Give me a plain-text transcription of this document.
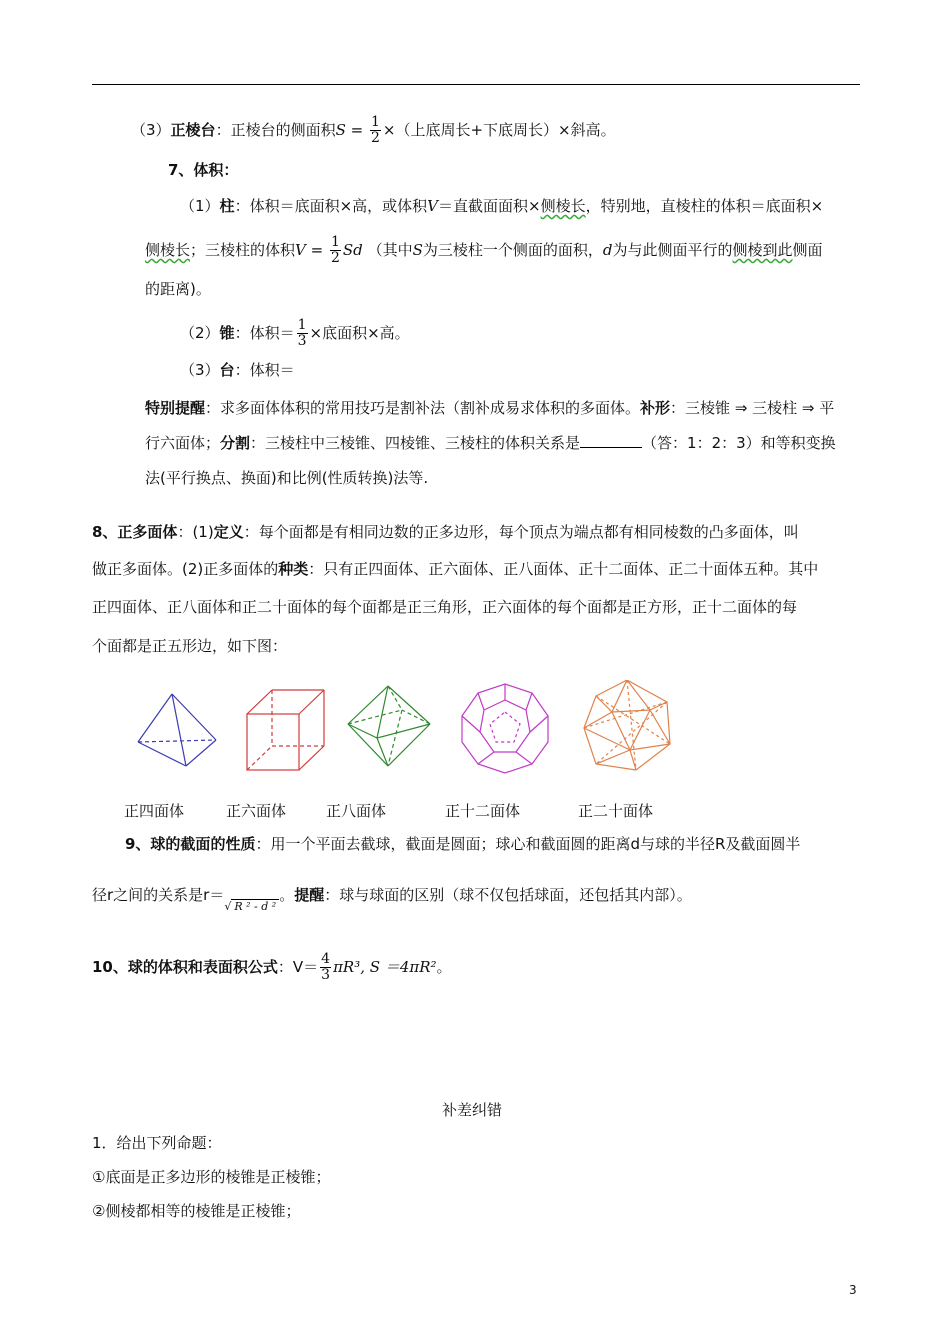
（3）正棱台：正棱台的侧面积$S = \frac{1}{2}$ ×（上底周长+下底周长）×斜高。
7、体积：
（1）柱：体积＝底面积×高，或体积V＝直截面面积×侧棱长，特别地，直棱柱的体积＝底面积×
侧棱长；三棱柱的体积$V = \frac{1}{2}$ Sd （其中S为三棱柱一个侧面的面积，d为与此侧面平行的侧棱到此侧面
的距离)。
（2）锥：体积＝ $\frac{1}{3}$ ×底面积×高。
（3）台：体积＝
特别提醒：求多面体体积的常用技巧是割补法（割补成易求体积的多面体。补形：三棱锥 ⇒ 三棱柱 ⇒ 平
行六面体；分割：三棱柱中三棱锥、四棱锥、三棱柱的体积关系是	（答：1：2：3）和等积变换
法(平行换点、换面)和比例(性质转换)法等.
8、正多面体：(1)定义：每个面都是有相同边数的正多边形，每个顶点为端点都有相同棱数的凸多面体，叫
做正多面体。(2)正多面体的种类：只有正四面体、正六面体、正八面体、正十二面体、正二十面体五种。其中
正四面体、正八面体和正二十面体的每个面都是正三角形，正六面体的每个面都是正方形，正十二面体的每
个面都是正五形边，如下图：
正四面体	正六面体	正八面体	正十二面体	正二十面体
9、球的截面的性质：用一个平面去截球，截面是圆面；球心和截面圆的距离d与球的半径R及截面圆半
径r之间的关系是r＝√ R ² - d ²。提醒：球与球面的区别（球不仅包括球面，还包括其内部）。
10、球的体积和表面积公式：$V= \frac{4}{3} \pi R^3$, S ＝4πR²。
补差纠错
1．给出下列命题：
①底面是正多边形的棱锥是正棱锥；
②侧棱都相等的棱锥是正棱锥；
3
